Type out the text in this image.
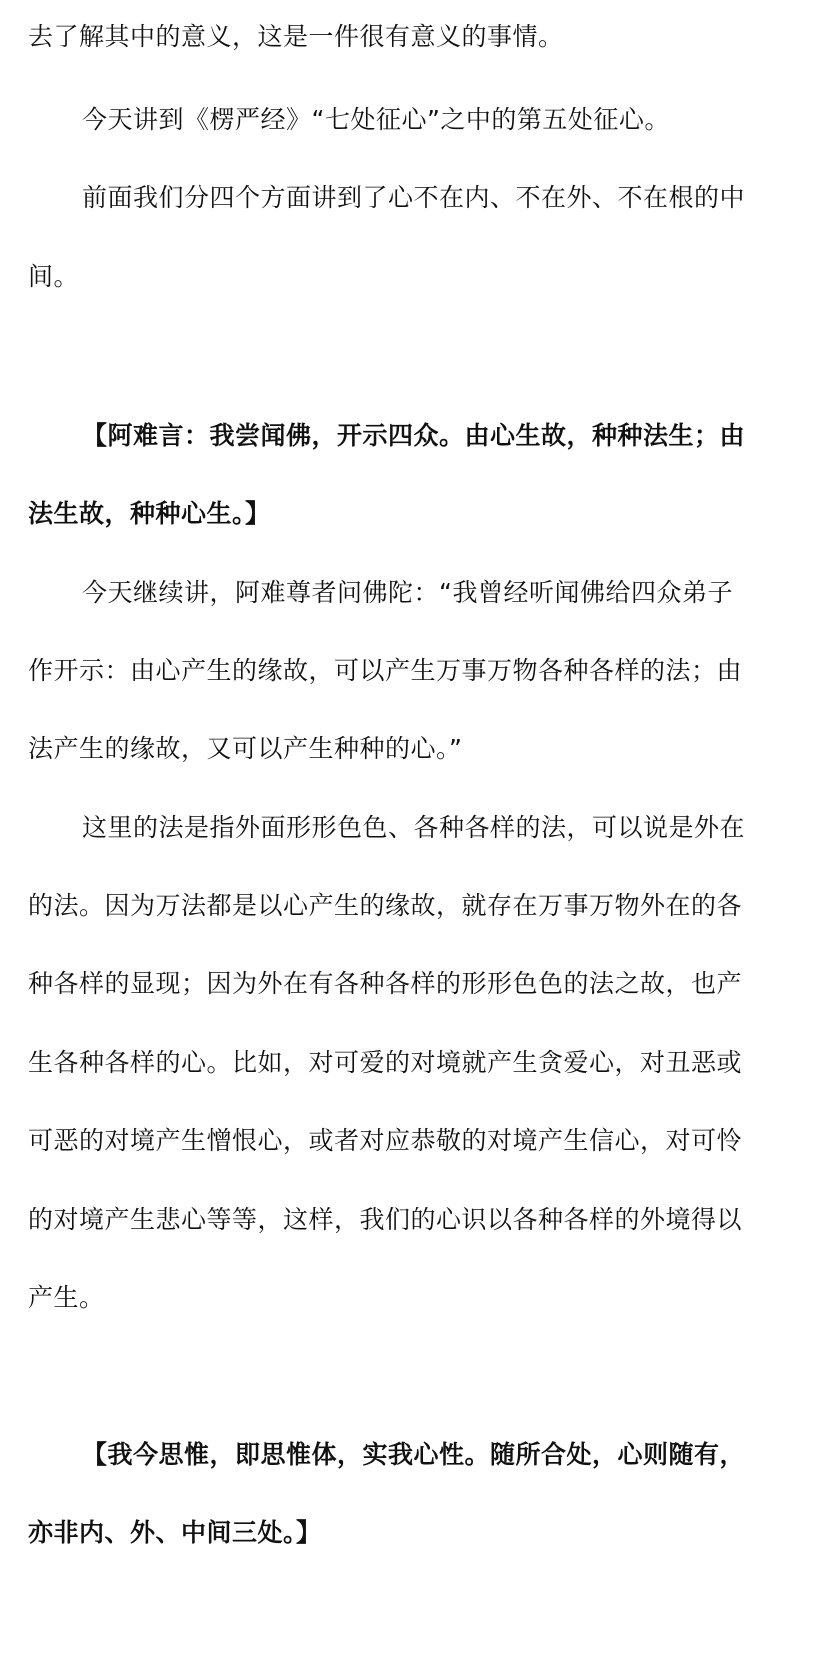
去了解其中的意义，这是一件很有意义的事情。
今天讲到《楞严经》“七处征心”之中的第五处征心。
前面我们分四个方面讲到了心不在内、不在外、不在根的中
间。
【阿难言：我尝闻佛，开示四众。由心生故，种种法生；由
法生故，种种心生。】
今天继续讲，阿难尊者问佛陀：“我曾经听闻佛给四众弟子
作开示：由心产生的缘故，可以产生万事万物各种各样的法；由
法产生的缘故，又可以产生种种的心。”
这里的法是指外面形形色色、各种各样的法，可以说是外在
的法。因为万法都是以心产生的缘故，就存在万事万物外在的各
种各样的显现；因为外在有各种各样的形形色色的法之故，也产
生各种各样的心。比如，对可爱的对境就产生贪爱心，对丑恶或
可恶的对境产生憎恨心，或者对应恭敬的对境产生信心，对可怜
的对境产生悲心等等，这样，我们的心识以各种各样的外境得以
产生。
【我今思惟，即思惟体，实我心性。随所合处，心则随有，
亦非内、外、中间三处。】
